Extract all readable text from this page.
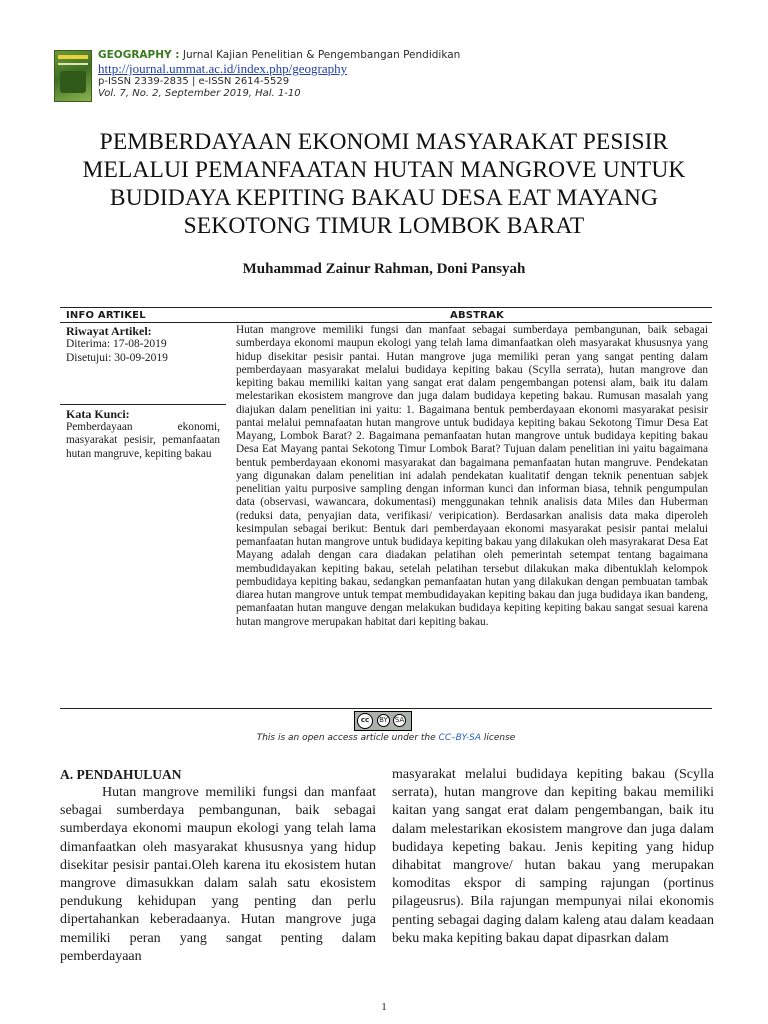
GEOGRAPHY : Jurnal Kajian Penelitian & Pengembangan Pendidikan
http://journal.ummat.ac.id/index.php/geography
p-ISSN 2339-2835 | e-ISSN 2614-5529
Vol. 7, No. 2, September 2019, Hal. 1-10
PEMBERDAYAAN EKONOMI MASYARAKAT PESISIR MELALUI PEMANFAATAN HUTAN MANGROVE UNTUK BUDIDAYA KEPITING BAKAU DESA EAT MAYANG SEKOTONG TIMUR LOMBOK BARAT
Muhammad Zainur Rahman, Doni Pansyah
INFO ARTIKEL	ABSTRAK
Riwayat Artikel:
Diterima: 17-08-2019
Disetujui: 30-09-2019
Kata Kunci:
Pemberdayaan ekonomi, masyarakat pesisir, pemanfaatan hutan mangruve, kepiting bakau

Hutan mangrove memiliki fungsi dan manfaat sebagai sumberdaya pembangunan, baik sebagai sumberdaya ekonomi maupun ekologi yang telah lama dimanfaatkan oleh masyarakat khususnya yang hidup disekitar pesisir pantai. Hutan mangrove juga memiliki peran yang sangat penting dalam pemberdayaan masyarakat melalui budidaya kepiting bakau (Scylla serrata), hutan mangrove dan kepiting bakau memiliki kaitan yang sangat erat dalam pengembangan potensi alam, baik itu dalam melestarikan ekosistem mangrove dan juga dalam budidaya kepeting bakau. Rumusan masalah yang diajukan dalam penelitian ini yaitu: 1. Bagaimana bentuk pemberdayaan ekonomi masyarakat pesisir pantai melalui pemnafaatan hutan mangrove untuk budidaya kepiting bakau Sekotong Timur Desa Eat Mayang, Lombok Barat? 2. Bagaimana pemanfaatan hutan mangrove untuk budidaya kepiting bakau Desa Eat Mayang pantai Sekotong Timur Lombok Barat? Tujuan dalam penelitian ini yaitu bagaimana bentuk pemberdayaan ekonomi masyarakat dan bagaimana pemanfaatan hutan mangruve. Pendekatan yang digunakan dalam penelitian ini adalah pendekatan kualitatif dengan teknik penentuan sabjek penelitian yaitu purposive sampling dengan informan kunci dan informan biasa, tehnik pengumpulan data (observasi, wawancara, dokumentasi) menggunakan tehnik analisis data Miles dan Huberman (reduksi data, penyajian data, verifikasi/ veripication). Berdasarkan analisis data maka diperoleh kesimpulan sebagai berikut: Bentuk dari pemberdayaan ekonomi masyarakat pesisir pantai melalui pemanfaatan hutan mangrove untuk budidaya kepiting bakau yang dilakukan oleh masyrakarat Desa Eat Mayang adalah dengan cara diadakan pelatihan oleh pemerintah setempat tentang bagaimana membudidayakan kepiting bakau, setelah pelatihan tersebut dilakukan maka dibentuklah kelompok pembudidaya kepiting bakau, sedangkan pemanfaatan hutan yang dilakukan dengan pembuatan tambak diarea hutan mangrove untuk tempat membudidayakan kepiting bakau dan juga budidaya ikan bandeng, pemanfaatan hutan manguve dengan melakukan budidaya kepiting kepiting bakau sangat sesuai karena hutan mangrove merupakan habitat dari kepiting bakau.

cc	BY SA
This is an open access article under the CC–BY-SA license
A. PENDAHULUAN

Hutan mangrove memiliki fungsi dan manfaat sebagai sumberdaya pembangunan, baik sebagai sumberdaya ekonomi maupun ekologi yang telah lama dimanfaatkan oleh masyarakat khususnya yang hidup disekitar pesisir pantai.Oleh karena itu ekosistem hutan mangrove dimasukkan dalam salah satu ekosistem pendukung kehidupan yang penting dan perlu dipertahankan keberadaanya. Hutan mangrove juga memiliki peran yang sangat penting dalam pemberdayaan

masyarakat melalui budidaya kepiting bakau (Scylla serrata), hutan mangrove dan kepiting bakau memiliki kaitan yang sangat erat dalam pengembangan, baik itu dalam melestarikan ekosistem mangrove dan juga dalam budidaya kepeting bakau. Jenis kepiting yang hidup dihabitat mangrove/ hutan bakau yang merupakan komoditas ekspor di samping rajungan (portinus pilageusrus). Bila rajungan mempunyai nilai ekonomis penting sebagai daging dalam kaleng atau dalam keadaan beku maka kepiting bakau dapat dipasrkan dalam

1
